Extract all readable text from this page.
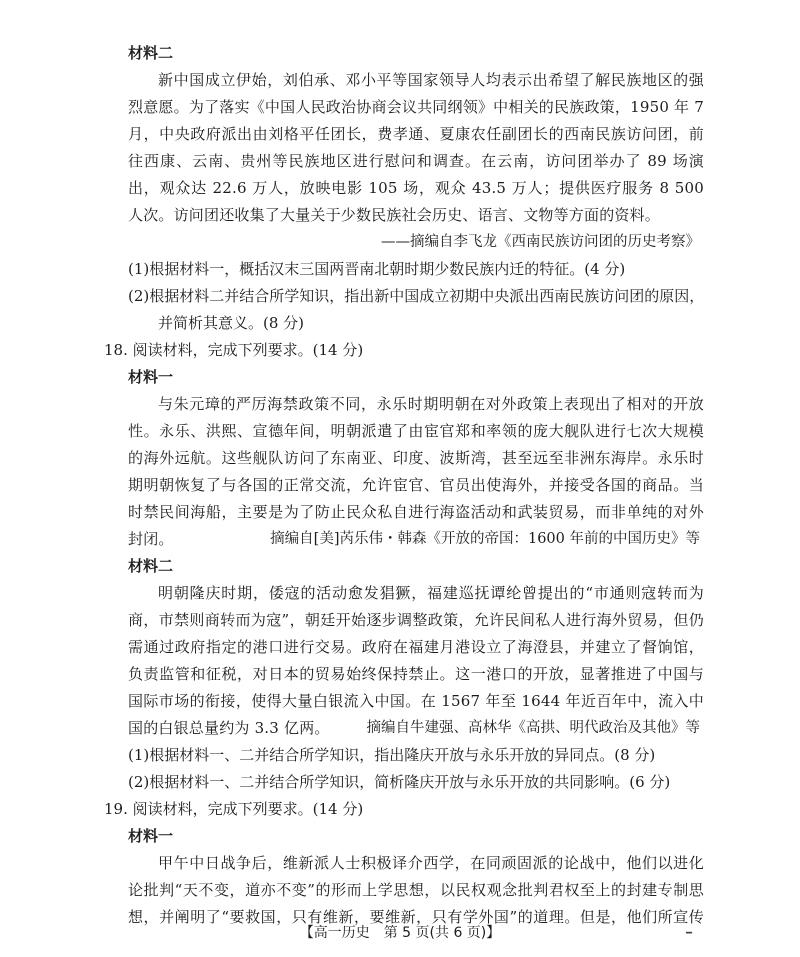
材料二

新中国成立伊始，刘伯承、邓小平等国家领导人均表示出希望了解民族地区的强烈意愿。为了落实《中国人民政治协商会议共同纲领》中相关的民族政策，1950 年 7 月，中央政府派出由刘格平任团长，费孝通、夏康农任副团长的西南民族访问团，前往西康、云南、贵州等民族地区进行慰问和调查。在云南，访问团举办了 89 场演出，观众达 22.6 万人，放映电影 105 场，观众 43.5 万人；提供医疗服务 8 500 人次。访问团还收集了大量关于少数民族社会历史、语言、文物等方面的资料。

——摘编自李飞龙《西南民族访问团的历史考察》
(1)根据材料一，概括汉末三国两晋南北朝时期少数民族内迁的特征。(4 分)
(2)根据材料二并结合所学知识，指出新中国成立初期中央派出西南民族访问团的原因，并简析其意义。(8 分)
18. 阅读材料，完成下列要求。(14 分)
材料一

与朱元璋的严厉海禁政策不同，永乐时期明朝在对外政策上表现出了相对的开放性。永乐、洪熙、宣德年间，明朝派遣了由宦官郑和率领的庞大舰队进行七次大规模的海外远航。这些舰队访问了东南亚、印度、波斯湾，甚至远至非洲东海岸。永乐时期明朝恢复了与各国的正常交流，允许宦官、官员出使海外，并接受各国的商品。当时禁民间海船，主要是为了防止民众私自进行海盗活动和武装贸易，而非单纯的对外封闭。	摘编自[美]芮乐伟・韩森《开放的帝国：1600 年前的中国历史》等
材料二

明朝隆庆时期，倭寇的活动愈发猖獗，福建巡抚谭纶曾提出的“市通则寇转而为商，市禁则商转而为寇”，朝廷开始逐步调整政策，允许民间私人进行海外贸易，但仍需通过政府指定的港口进行交易。政府在福建月港设立了海澄县，并建立了督饷馆，负责监管和征税，对日本的贸易始终保持禁止。这一港口的开放，显著推进了中国与国际市场的衔接，使得大量白银流入中国。在 1567 年至 1644 年近百年中，流入中国的白银总量约为 3.3 亿两。	摘编自牛建强、高林华《高拱、明代政治及其他》等
(1)根据材料一、二并结合所学知识，指出隆庆开放与永乐开放的异同点。(8 分)
(2)根据材料一、二并结合所学知识，简析隆庆开放与永乐开放的共同影响。(6 分)
19. 阅读材料，完成下列要求。(14 分)
材料一

甲午中日战争后，维新派人士积极译介西学，在同顽固派的论战中，他们以进化论批判“天不变，道亦不变”的形而上学思想，以民权观念批判君权至上的封建专制思想，并阐明了“要救国，只有维新，要维新，只有学外国”的道理。但是，他们所宣传

【高一历史　第 5 页(共 6 页)】	━
